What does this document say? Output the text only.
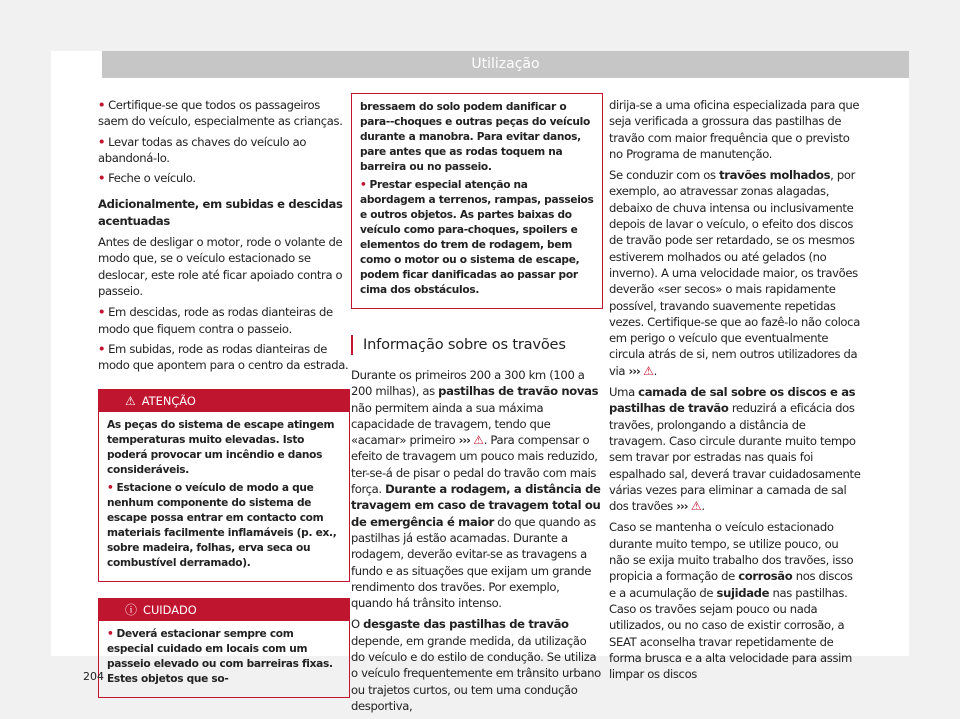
Utilização

• Certifique-se que todos os passageiros saem do veículo, especialmente as crianças.

• Levar todas as chaves do veículo ao abandoná-lo.

• Feche o veículo.

Adicionalmente, em subidas e descidas acentuadas

Antes de desligar o motor, rode o volante de modo que, se o veículo estacionado se deslocar, este role até ficar apoiado contra o passeio.

• Em descidas, rode as rodas dianteiras de modo que fiquem contra o passeio.

• Em subidas, rode as rodas dianteiras de modo que apontem para o centro da estrada.

⚠ ATENÇÃO

As peças do sistema de escape atingem temperaturas muito elevadas. Isto poderá provocar um incêndio e danos consideráveis.

• Estacione o veículo de modo a que nenhum componente do sistema de escape possa entrar em contacto com materiais facilmente inflamáveis (p. ex., sobre madeira, folhas, erva seca ou combustível derramado).

ⓘ CUIDADO

• Deverá estacionar sempre com especial cuidado em locais com um passeio elevado ou com barreiras fixas. Estes objetos que so-

bressaem do solo podem danificar o para--choques e outras peças do veículo durante a manobra. Para evitar danos, pare antes que as rodas toquem na barreira ou no passeio.

• Prestar especial atenção na abordagem a terrenos, rampas, passeios e outros objetos. As partes baixas do veículo como para-choques, spoilers e elementos do trem de rodagem, bem como o motor ou o sistema de escape, podem ficar danificadas ao passar por cima dos obstáculos.

Informação sobre os travões

Durante os primeiros 200 a 300 km (100 a 200 milhas), as pastilhas de travão novas não permitem ainda a sua máxima capacidade de travagem, tendo que «acamar» primeiro ››› ⚠. Para compensar o efeito de travagem um pouco mais reduzido, ter-se-á de pisar o pedal do travão com mais força. Durante a rodagem, a distância de travagem em caso de travagem total ou de emergência é maior do que quando as pastilhas já estão acamadas. Durante a rodagem, deverão evitar-se as travagens a fundo e as situações que exijam um grande rendimento dos travões. Por exemplo, quando há trânsito intenso.

O desgaste das pastilhas de travão depende, em grande medida, da utilização do veículo e do estilo de condução. Se utiliza o veículo frequentemente em trânsito urbano ou trajetos curtos, ou tem uma condução desportiva,

dirija-se a uma oficina especializada para que seja verificada a grossura das pastilhas de travão com maior frequência que o previsto no Programa de manutenção.

Se conduzir com os travões molhados, por exemplo, ao atravessar zonas alagadas, debaixo de chuva intensa ou inclusivamente depois de lavar o veículo, o efeito dos discos de travão pode ser retardado, se os mesmos estiverem molhados ou até gelados (no inverno). A uma velocidade maior, os travões deverão «ser secos» o mais rapidamente possível, travando suavemente repetidas vezes. Certifique-se que ao fazê-lo não coloca em perigo o veículo que eventualmente circula atrás de si, nem outros utilizadores da via ››› ⚠.

Uma camada de sal sobre os discos e as pastilhas de travão reduzirá a eficácia dos travões, prolongando a distância de travagem. Caso circule durante muito tempo sem travar por estradas nas quais foi espalhado sal, deverá travar cuidadosamente várias vezes para eliminar a camada de sal dos travões ››› ⚠.

Caso se mantenha o veículo estacionado durante muito tempo, se utilize pouco, ou não se exija muito trabalho dos travões, isso propicia a formação de corrosão nos discos e a acumulação de sujidade nas pastilhas. Caso os travões sejam pouco ou nada utilizados, ou no caso de existir corrosão, a SEAT aconselha travar repetidamente de forma brusca e a alta velocidade para assim limpar os discos

204
